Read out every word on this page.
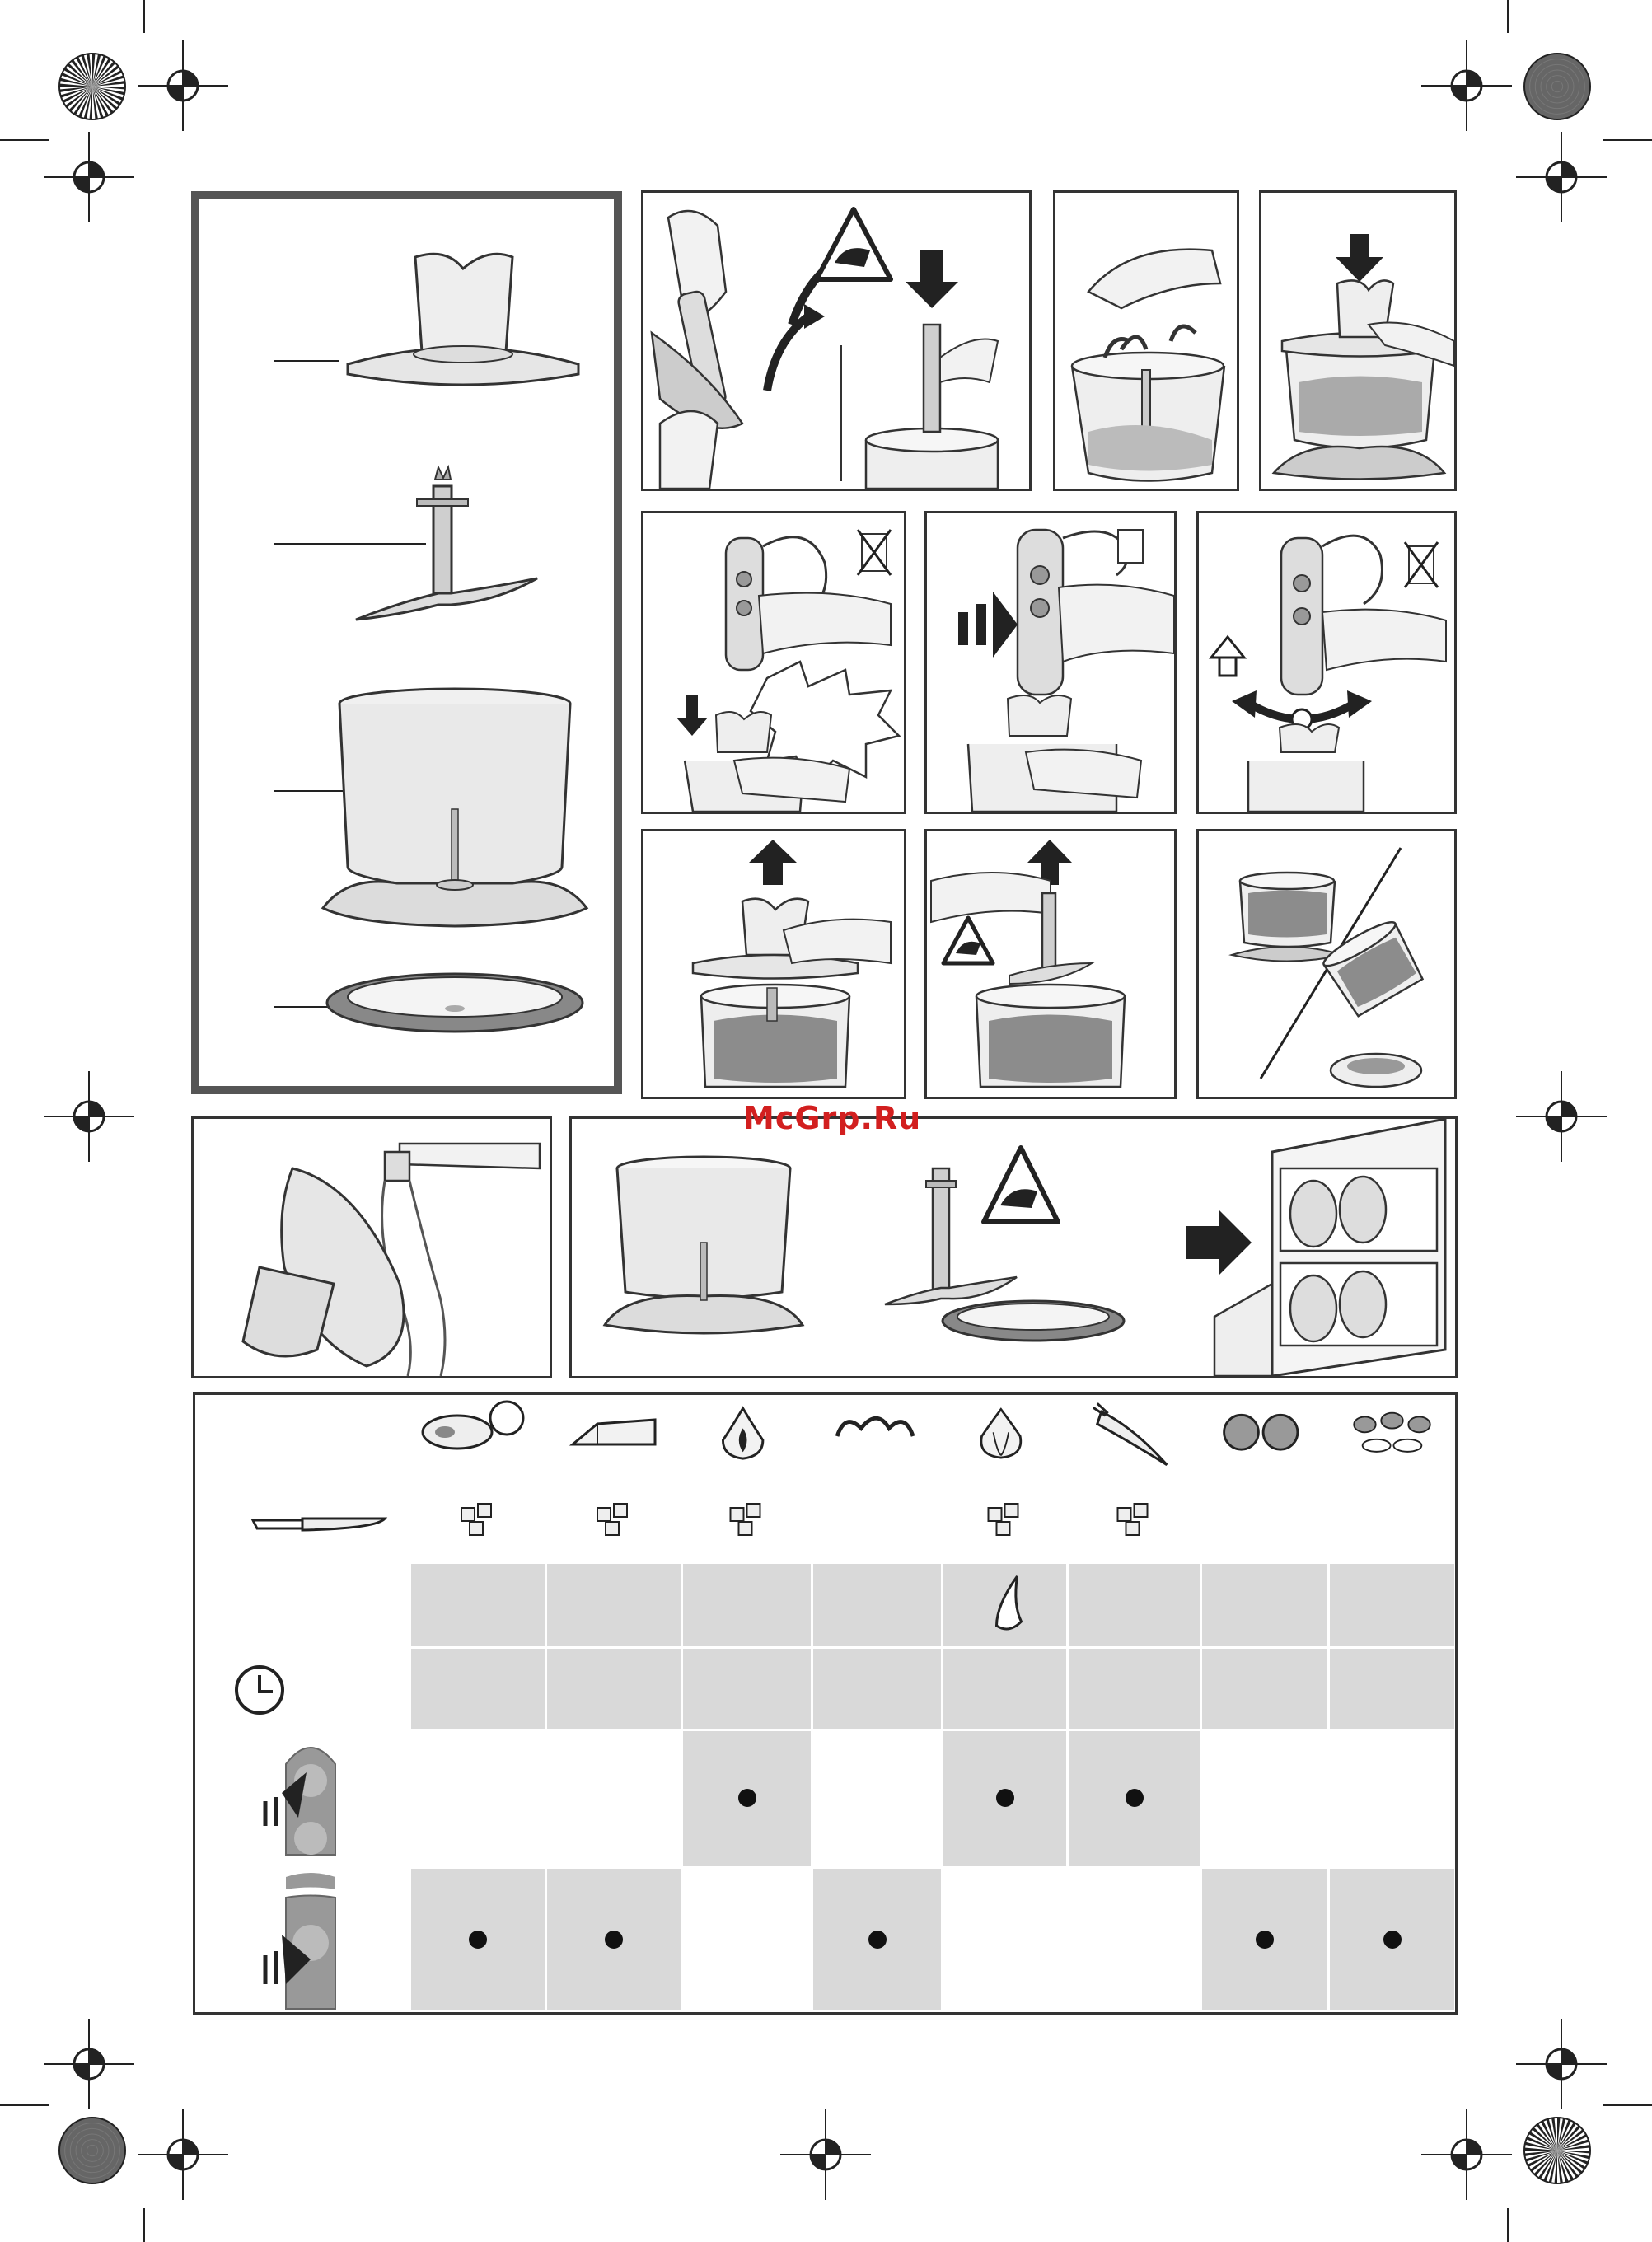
McGrp.Ru
